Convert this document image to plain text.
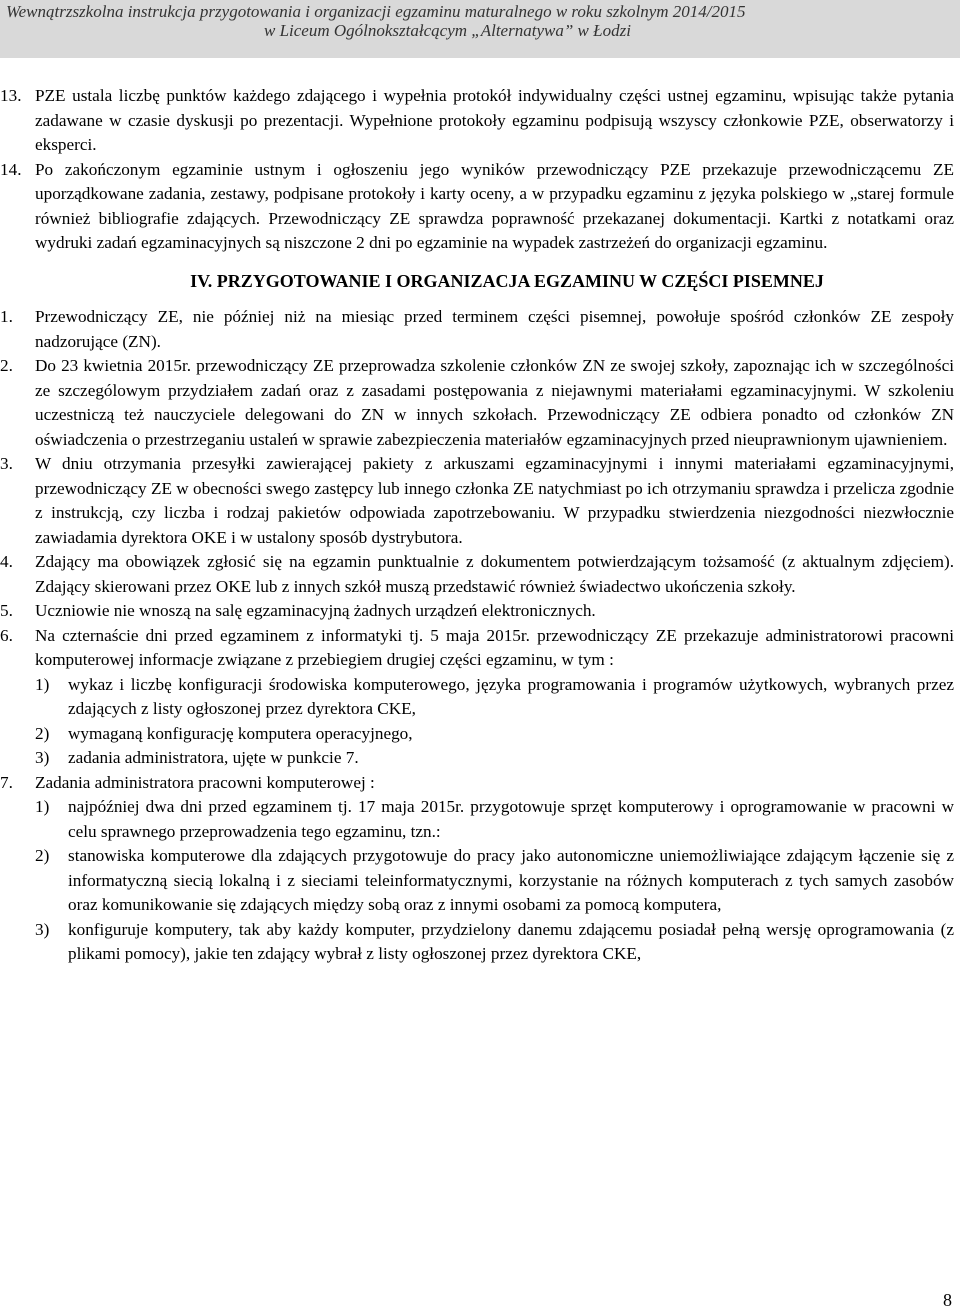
Wewnątrzszkolna instrukcja przygotowania i organizacji egzaminu maturalnego w roku szkolnym 2014/2015
w Liceum Ogólnokształcącym „Alternatywa” w Łodzi
13. PZE ustala liczbę punktów każdego zdającego i wypełnia protokół indywidualny części ustnej egzaminu, wpisując także pytania zadawane w czasie dyskusji po prezentacji. Wypełnione protokoły egzaminu podpisują wszyscy członkowie PZE, obserwatorzy i eksperci.
14. Po zakończonym egzaminie ustnym i ogłoszeniu jego wyników przewodniczący PZE przekazuje przewodniczącemu ZE uporządkowane zadania, zestawy, podpisane protokoły i karty oceny, a w przypadku egzaminu z języka polskiego w „starej formule również bibliografie zdających. Przewodniczący ZE sprawdza poprawność przekazanej dokumentacji. Kartki z notatkami oraz wydruki zadań egzaminacyjnych są niszczone 2 dni po egzaminie na wypadek zastrzeżeń do organizacji egzaminu.
IV. PRZYGOTOWANIE I ORGANIZACJA EGZAMINU W CZĘŚCI PISEMNEJ
1. Przewodniczący ZE, nie później niż na miesiąc przed terminem części pisemnej, powołuje spośród członków ZE zespoły nadzorujące (ZN).
2. Do 23 kwietnia 2015r. przewodniczący ZE przeprowadza szkolenie członków ZN ze swojej szkoły, zapoznając ich w szczególności ze szczególowym przydziałem zadań oraz z zasadami postępowania z niejawnymi materiałami egzaminacyjnymi. W szkoleniu uczestniczą też nauczyciele delegowani do ZN w innych szkołach. Przewodniczący ZE odbiera ponadto od członków ZN oświadczenia o przestrzeganiu ustaleń w sprawie zabezpieczenia materiałów egzaminacyjnych przed nieuprawnionym ujawnieniem.
3. W dniu otrzymania przesyłki zawierającej pakiety z arkuszami egzaminacyjnymi i innymi materiałami egzaminacyjnymi, przewodniczący ZE w obecności swego zastępcy lub innego członka ZE natychmiast po ich otrzymaniu sprawdza i przelicza zgodnie z instrukcją, czy liczba i rodzaj pakietów odpowiada zapotrzebowaniu. W przypadku stwierdzenia niezgodności niezwłocznie zawiadamia dyrektora OKE i w ustalony sposób dystrybutora.
4. Zdający ma obowiązek zgłosić się na egzamin punktualnie z dokumentem potwierdzającym tożsamość (z aktualnym zdjęciem). Zdający skierowani przez OKE lub z innych szkół muszą przedstawić również świadectwo ukończenia szkoły.
5. Uczniowie nie wnoszą na salę egzaminacyjną żadnych urządzeń elektronicznych.
6. Na czternaście dni przed egzaminem z informatyki tj. 5 maja 2015r. przewodniczący ZE przekazuje administratorowi pracowni komputerowej informacje związane z przebiegiem drugiej części egzaminu, w tym :
1) wykaz i liczbę konfiguracji środowiska komputerowego, języka programowania i programów użytkowych, wybranych przez zdających z listy ogłoszonej przez dyrektora CKE,
2) wymaganą konfigurację komputera operacyjnego,
3) zadania administratora, ujęte w punkcie 7.
7. Zadania administratora pracowni komputerowej :
1) najpóźniej dwa dni przed egzaminem tj. 17 maja 2015r. przygotowuje sprzęt komputerowy i oprogramowanie w pracowni w celu sprawnego przeprowadzenia tego egzaminu, tzn.:
2) stanowiska komputerowe dla zdających przygotowuje do pracy jako autonomiczne uniemożliwiające zdającym łączenie się z informatyczną siecią lokalną i z sieciami teleinformatycznymi, korzystanie na różnych komputerach z tych samych zasobów oraz komunikowanie się zdających między sobą oraz z innymi osobami za pomocą komputera,
3) konfiguruje komputery, tak aby każdy komputer, przydzielony danemu zdającemu posiadał pełną wersję oprogramowania (z plikami pomocy), jakie ten zdający wybrał z listy ogłoszonej przez dyrektora CKE,
8
